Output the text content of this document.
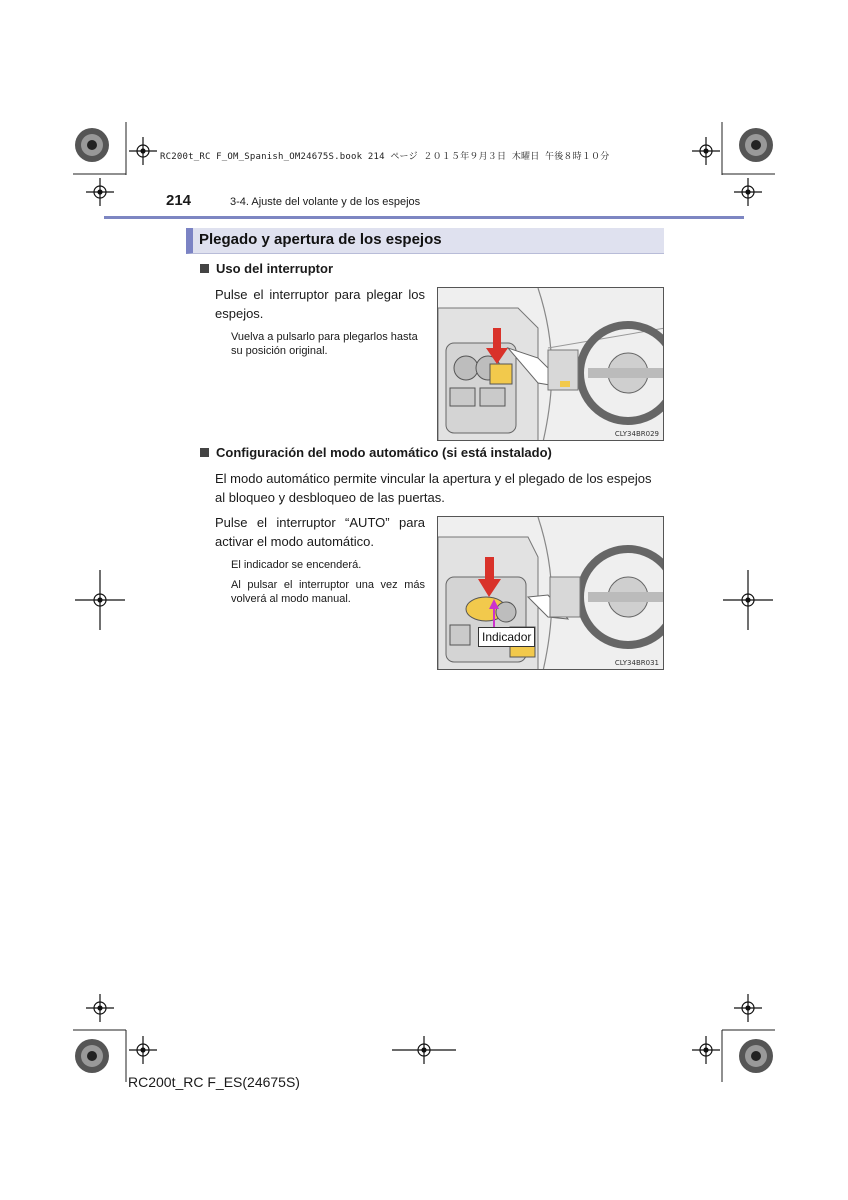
RC200t_RC F_OM_Spanish_OM24675S.book 214 ページ ２０１５年９月３日 木曜日 午後８時１０分
214	3-4. Ajuste del volante y de los espejos
Plegado y apertura de los espejos
Uso del interruptor
Pulse el interruptor para plegar los
espejos.
Vuelva a pulsarlo para plegarlos hasta
su posición original.
CLY34BR029
Configuración del modo automático (si está instalado)
El modo automático permite vincular la apertura y el plegado de los espejos
al bloqueo y desbloqueo de las puertas.
Pulse el interruptor “AUTO” para
activar el modo automático.
El indicador se encenderá.
Al pulsar el interruptor una vez más
volverá al modo manual.
Indicador
CLY34BR031
RC200t_RC F_ES(24675S)
